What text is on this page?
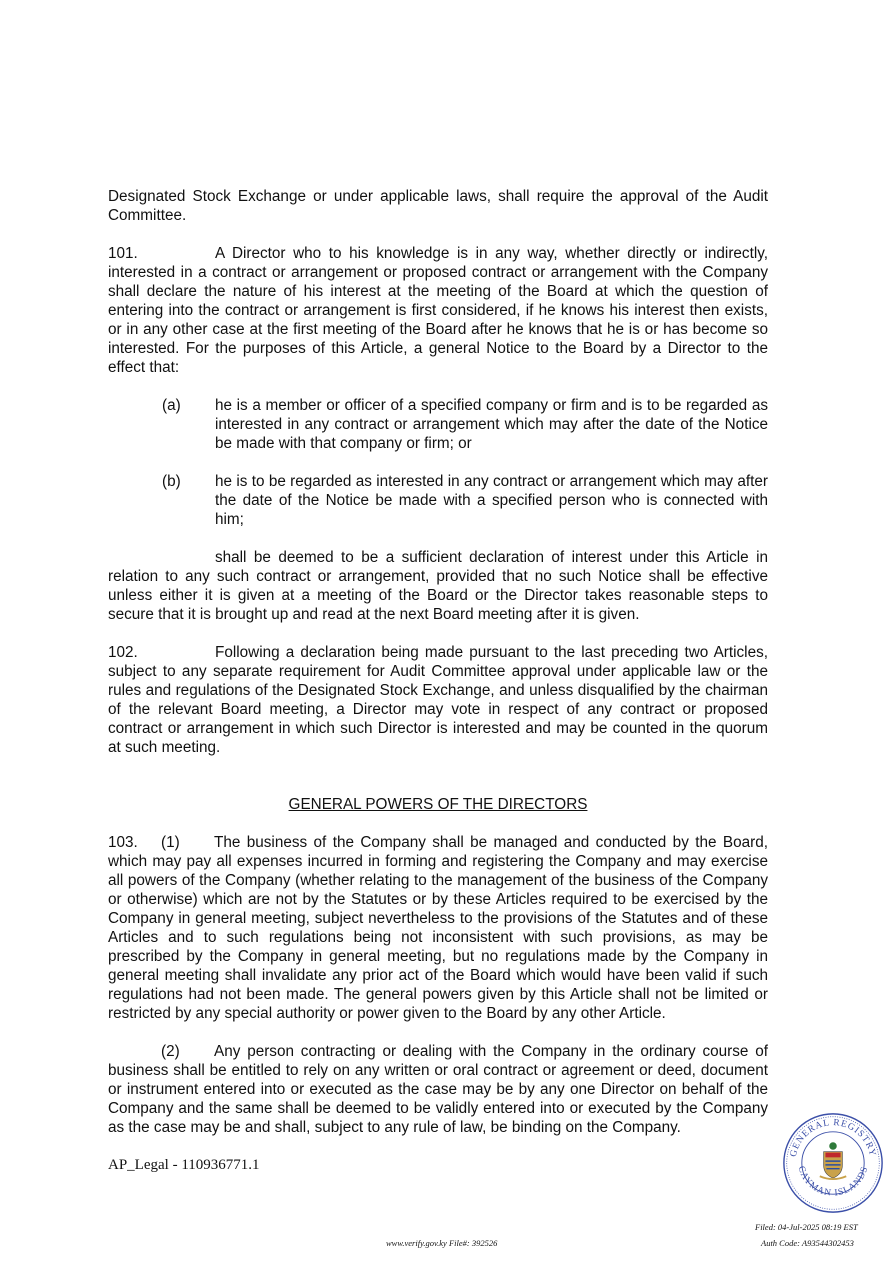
Designated Stock Exchange or under applicable laws, shall require the approval of the Audit Committee.

101.	A Director who to his knowledge is in any way, whether directly or indirectly, interested in a contract or arrangement or proposed contract or arrangement with the Company shall declare the nature of his interest at the meeting of the Board at which the question of entering into the contract or arrangement is first considered, if he knows his interest then exists, or in any other case at the first meeting of the Board after he knows that he is or has become so interested. For the purposes of this Article, a general Notice to the Board by a Director to the effect that:

(a) he is a member or officer of a specified company or firm and is to be regarded as interested in any contract or arrangement which may after the date of the Notice be made with that company or firm; or
(b) he is to be regarded as interested in any contract or arrangement which may after the date of the Notice be made with a specified person who is connected with him;

shall be deemed to be a sufficient declaration of interest under this Article in relation to any such contract or arrangement, provided that no such Notice shall be effective unless either it is given at a meeting of the Board or the Director takes reasonable steps to secure that it is brought up and read at the next Board meeting after it is given.

102.	Following a declaration being made pursuant to the last preceding two Articles, subject to any separate requirement for Audit Committee approval under applicable law or the rules and regulations of the Designated Stock Exchange, and unless disqualified by the chairman of the relevant Board meeting, a Director may vote in respect of any contract or proposed contract or arrangement in which such Director is interested and may be counted in the quorum at such meeting.

GENERAL POWERS OF THE DIRECTORS

103. (1) The business of the Company shall be managed and conducted by the Board, which may pay all expenses incurred in forming and registering the Company and may exercise all powers of the Company (whether relating to the management of the business of the Company or otherwise) which are not by the Statutes or by these Articles required to be exercised by the Company in general meeting, subject nevertheless to the provisions of the Statutes and of these Articles and to such regulations being not inconsistent with such provisions, as may be prescribed by the Company in general meeting, but no regulations made by the Company in general meeting shall invalidate any prior act of the Board which would have been valid if such regulations had not been made. The general powers given by this Article shall not be limited or restricted by any special authority or power given to the Board by any other Article.

(2) Any person contracting or dealing with the Company in the ordinary course of business shall be entitled to rely on any written or oral contract or agreement or deed, document or instrument entered into or executed as the case may be by any one Director on behalf of the Company and the same shall be deemed to be validly entered into or executed by the Company as the case may be and shall, subject to any rule of law, be binding on the Company.

AP_Legal - 110936771.1
www.verify.gov.ky File#: 392526
Filed: 04-Jul-2025 08:19 EST
Auth Code: A93544302453
GENERAL REGISTRY
CAYMAN ISLANDS
